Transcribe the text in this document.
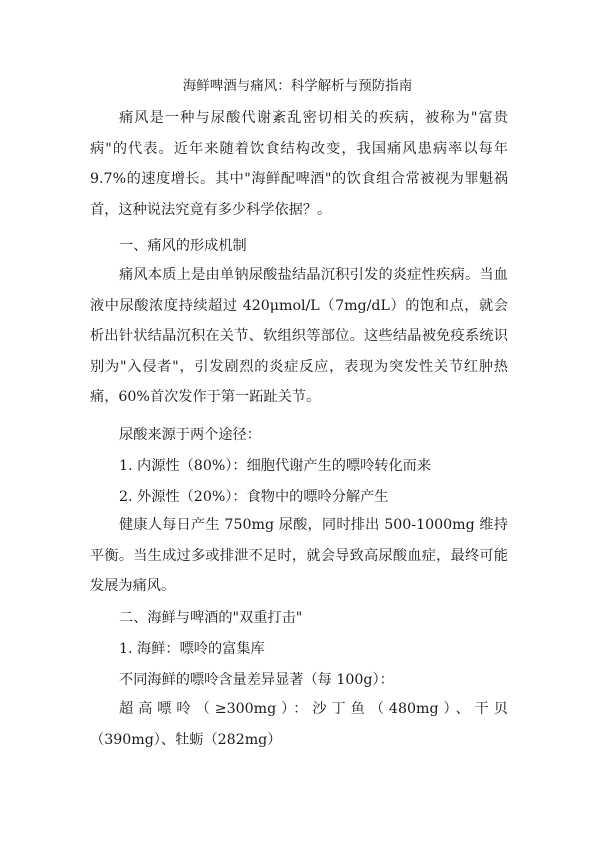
海鲜啤酒与痛风：科学解析与预防指南

痛风是一种与尿酸代谢紊乱密切相关的疾病，被称为"富贵病"的代表。近年来随着饮食结构改变，我国痛风患病率以每年9.7%的速度增长。其中"海鲜配啤酒"的饮食组合常被视为罪魁祸首，这种说法究竟有多少科学依据？。

一、痛风的形成机制

痛风本质上是由单钠尿酸盐结晶沉积引发的炎症性疾病。当血液中尿酸浓度持续超过 420μmol/L（7mg/dL）的饱和点，就会析出针状结晶沉积在关节、软组织等部位。这些结晶被免疫系统识别为"入侵者"，引发剧烈的炎症反应，表现为突发性关节红肿热痛，60%首次发作于第一跖趾关节。

尿酸来源于两个途径：

1. 内源性（80%）：细胞代谢产生的嘌呤转化而来

2. 外源性（20%）：食物中的嘌呤分解产生

健康人每日产生 750mg 尿酸，同时排出 500-1000mg 维持平衡。当生成过多或排泄不足时，就会导致高尿酸血症，最终可能发展为痛风。

二、海鲜与啤酒的"双重打击"

1. 海鲜：嘌呤的富集库

不同海鲜的嘌呤含量差异显著（每 100g）：

超高嘌呤（≥300mg）：沙丁鱼（480mg）、干贝（390mg）、牡蛎（282mg）
